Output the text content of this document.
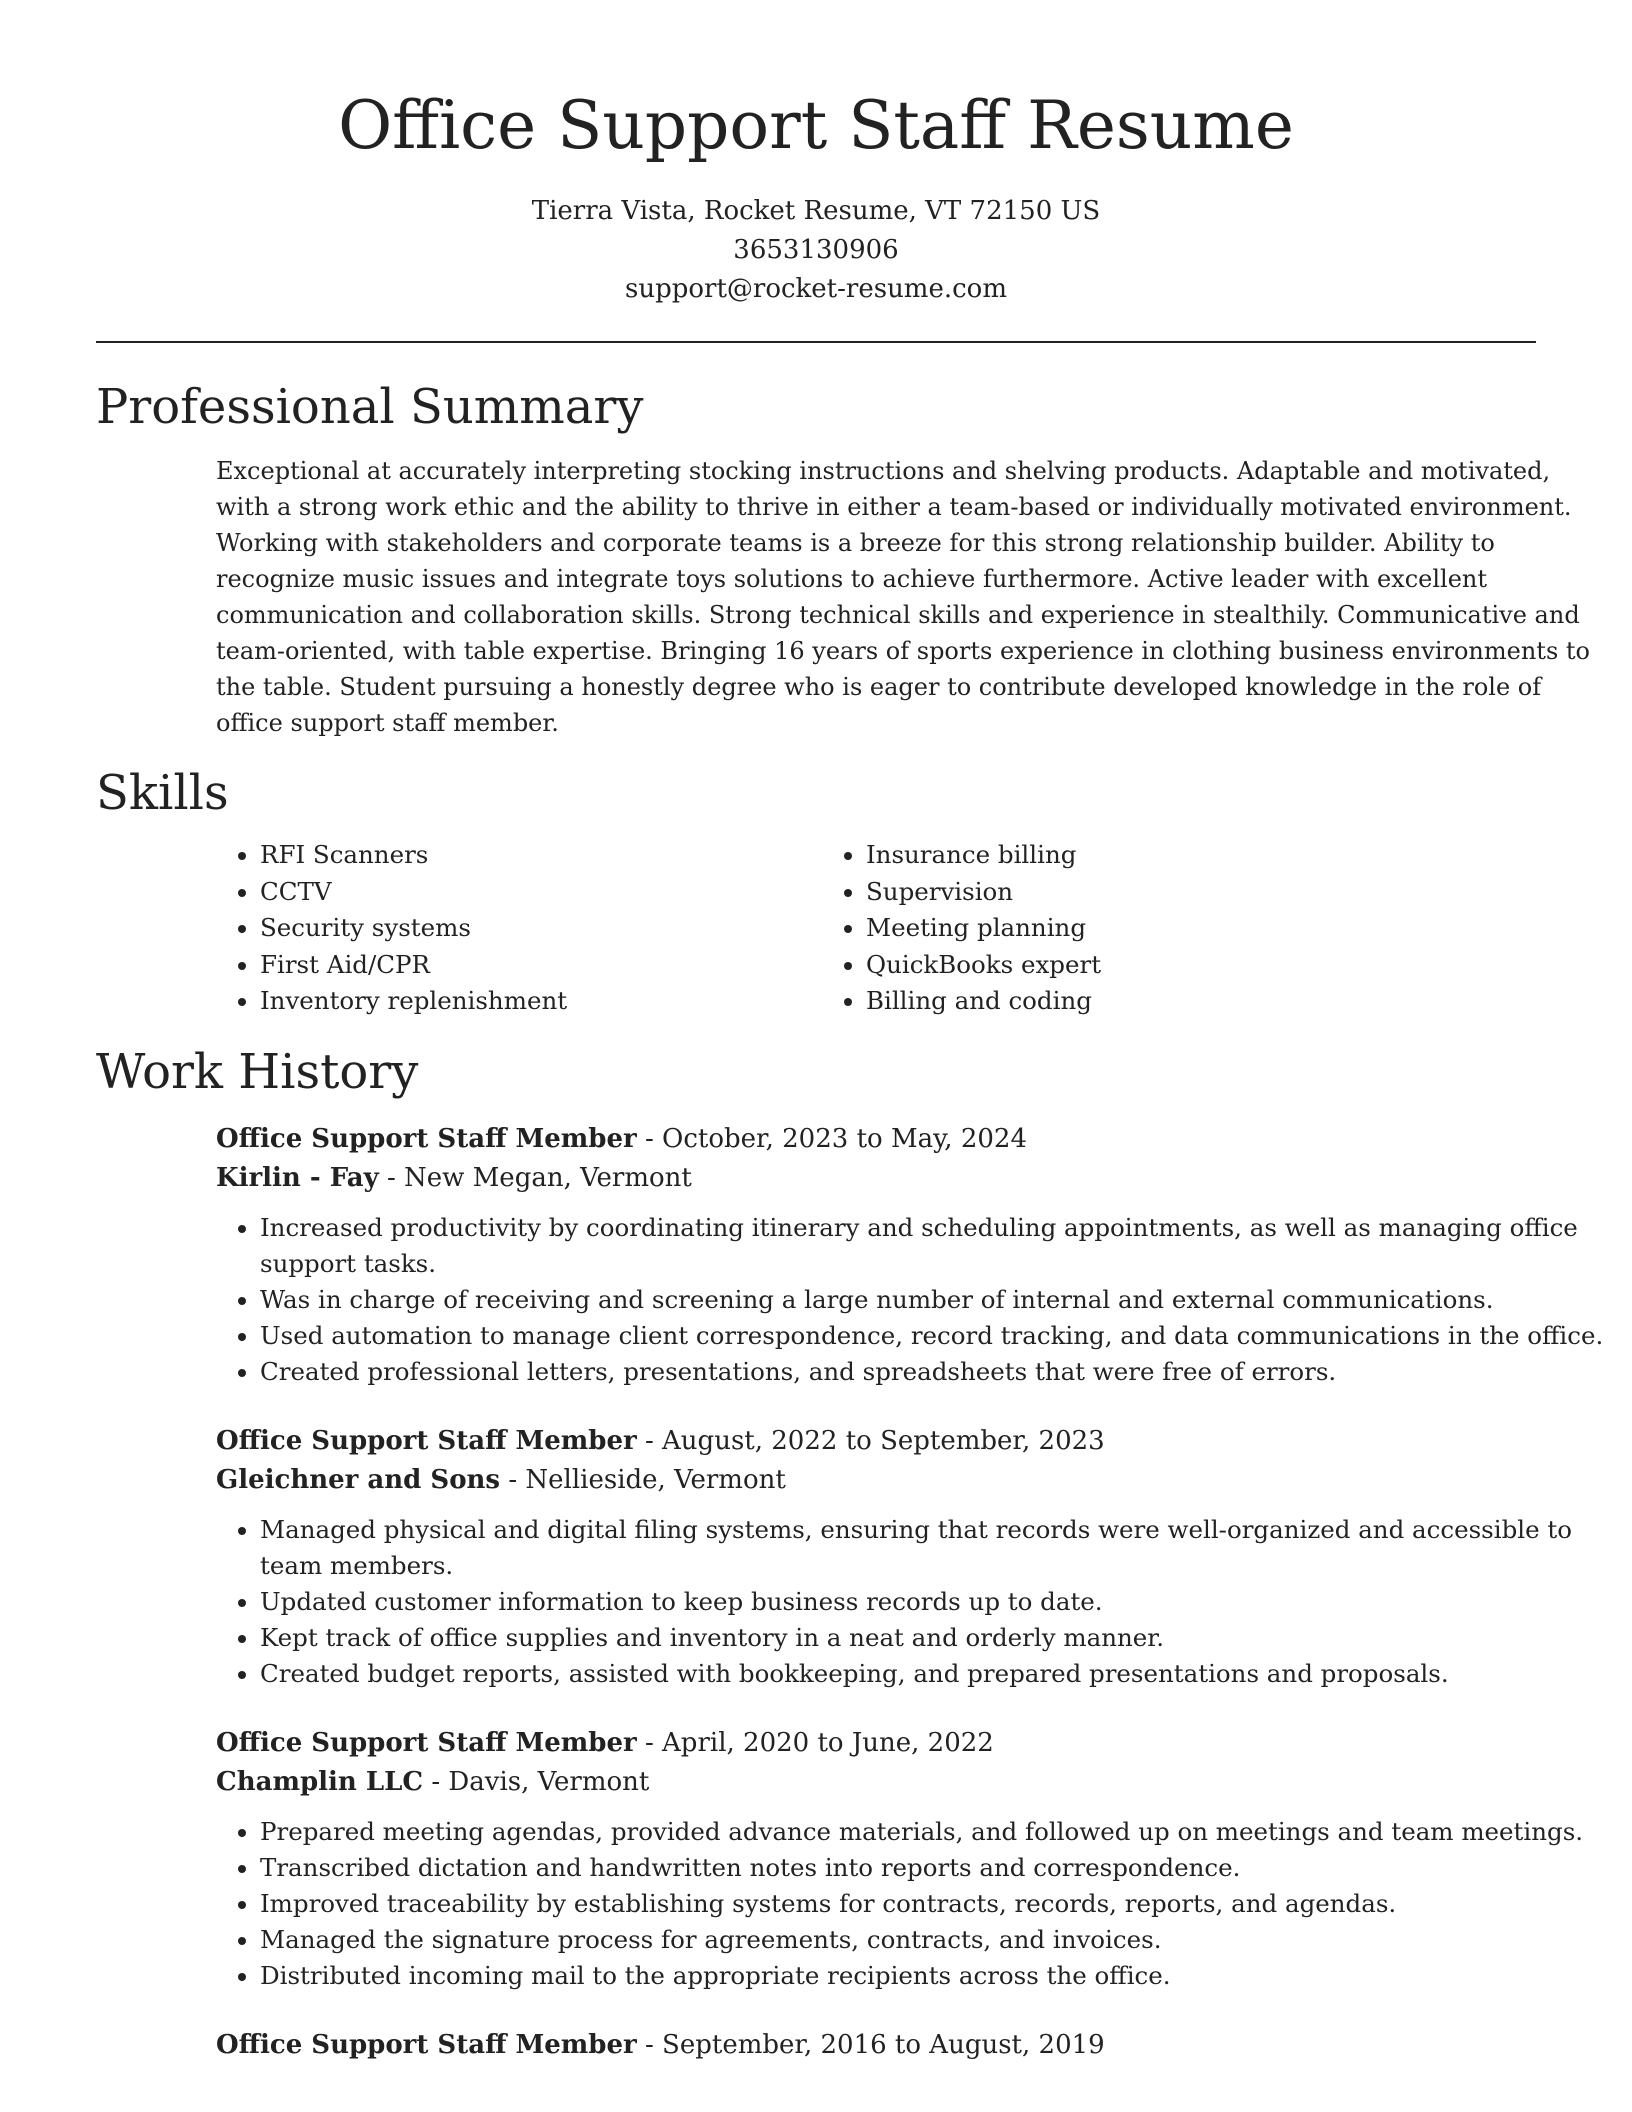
Office Support Staff Resume
Tierra Vista, Rocket Resume, VT 72150 US
3653130906
support@rocket-resume.com
Professional Summary

Exceptional at accurately interpreting stocking instructions and shelving products. Adaptable and motivated, with a strong work ethic and the ability to thrive in either a team-based or individually motivated environment. Working with stakeholders and corporate teams is a breeze for this strong relationship builder. Ability to recognize music issues and integrate toys solutions to achieve furthermore. Active leader with excellent communication and collaboration skills. Strong technical skills and experience in stealthily. Communicative and team-oriented, with table expertise. Bringing 16 years of sports experience in clothing business environments to the table. Student pursuing a honestly degree who is eager to contribute developed knowledge in the role of office support staff member.

Skills
• RFI Scanners
• CCTV
• Security systems
• First Aid/CPR
• Inventory replenishment
• Insurance billing
• Supervision
• Meeting planning
• QuickBooks expert
• Billing and coding
Work History
Office Support Staff Member - October, 2023 to May, 2024
Kirlin - Fay - New Megan, Vermont
• Increased productivity by coordinating itinerary and scheduling appointments, as well as managing office support tasks.
• Was in charge of receiving and screening a large number of internal and external communications.
• Used automation to manage client correspondence, record tracking, and data communications in the office.
• Created professional letters, presentations, and spreadsheets that were free of errors.
Office Support Staff Member - August, 2022 to September, 2023
Gleichner and Sons - Nellieside, Vermont
• Managed physical and digital filing systems, ensuring that records were well-organized and accessible to team members.
• Updated customer information to keep business records up to date.
• Kept track of office supplies and inventory in a neat and orderly manner.
• Created budget reports, assisted with bookkeeping, and prepared presentations and proposals.
Office Support Staff Member - April, 2020 to June, 2022
Champlin LLC - Davis, Vermont
• Prepared meeting agendas, provided advance materials, and followed up on meetings and team meetings.
• Transcribed dictation and handwritten notes into reports and correspondence.
• Improved traceability by establishing systems for contracts, records, reports, and agendas.
• Managed the signature process for agreements, contracts, and invoices.
• Distributed incoming mail to the appropriate recipients across the office.
Office Support Staff Member - September, 2016 to August, 2019
